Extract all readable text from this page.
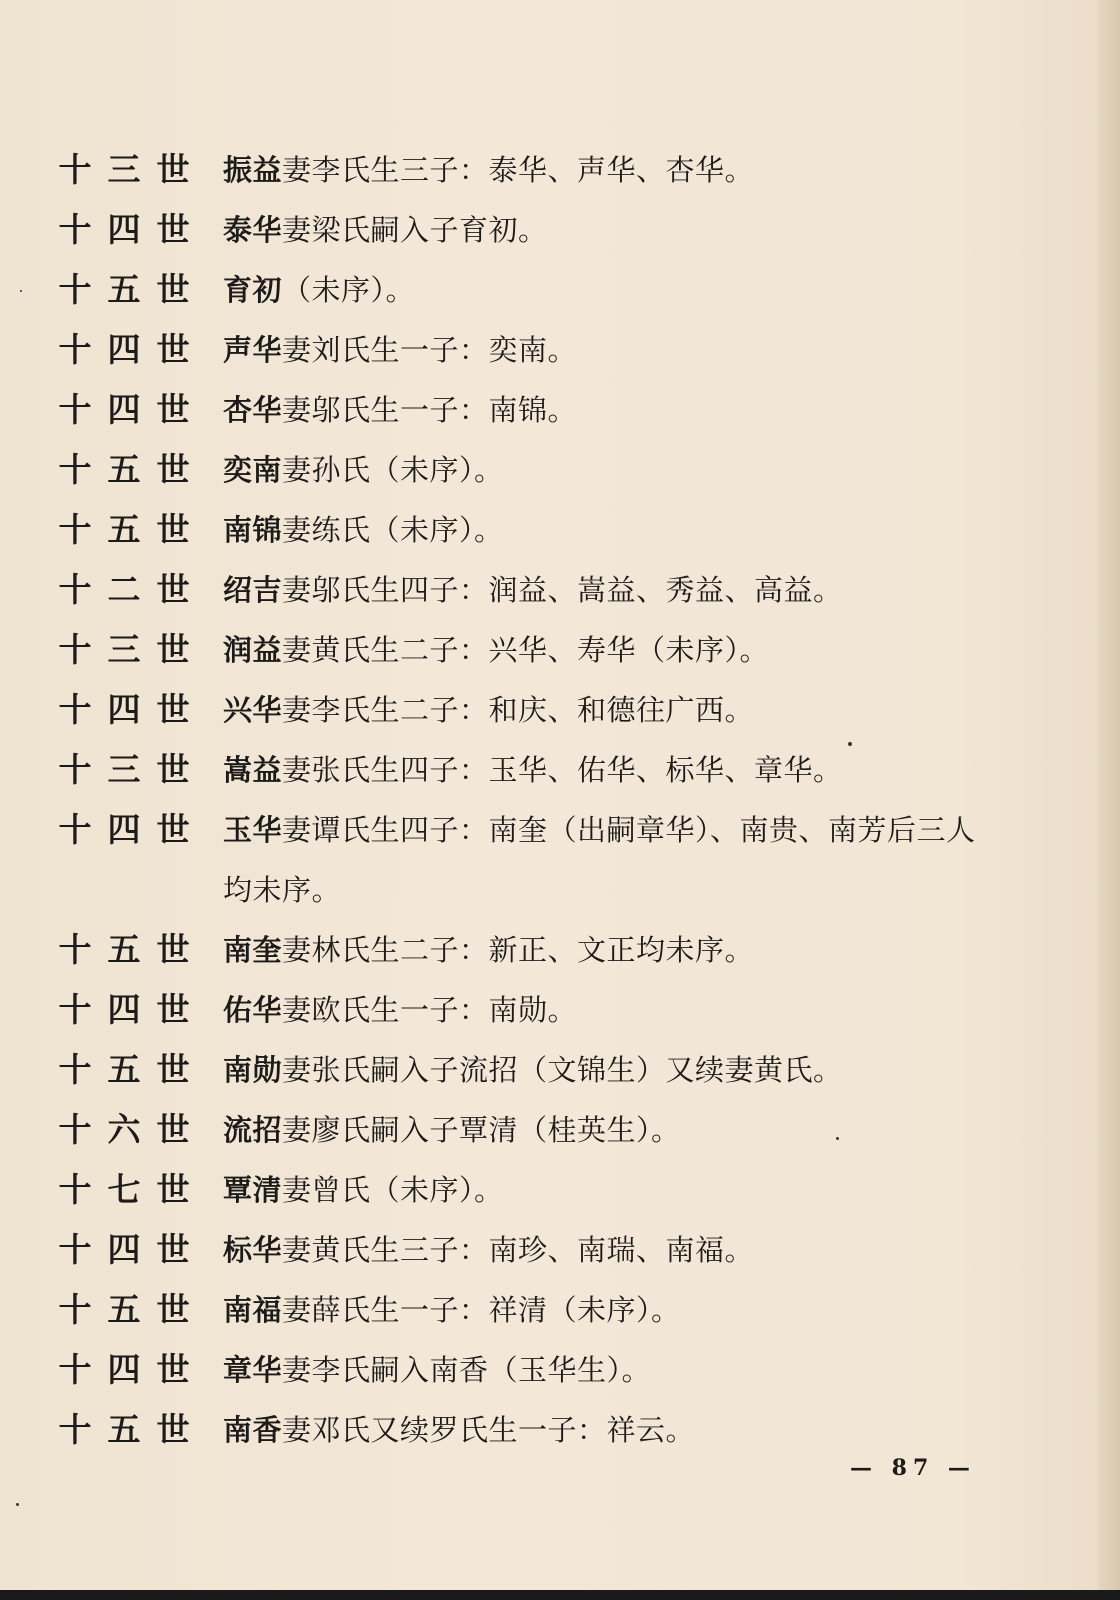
十 三 世 振益妻李氏生三子：泰华、声华、杏华。
十 四 世 泰华妻梁氏嗣入子育初。
十 五 世 育初（未序）。
十 四 世 声华妻刘氏生一子：奕南。
十 四 世 杏华妻邬氏生一子：南锦。
十 五 世 奕南妻孙氏（未序）。
十 五 世 南锦妻练氏（未序）。
十 二 世 绍吉妻邬氏生四子：润益、嵩益、秀益、高益。
十 三 世 润益妻黄氏生二子：兴华、寿华（未序）。
十 四 世 兴华妻李氏生二子：和庆、和德往广西。
十 三 世 嵩益妻张氏生四子：玉华、佑华、标华、章华。
十 四 世 玉华妻谭氏生四子：南奎（出嗣章华）、南贵、南芳后三人均未序。
十 五 世 南奎妻林氏生二子：新正、文正均未序。
十 四 世 佑华妻欧氏生一子：南勋。
十 五 世 南勋妻张氏嗣入子流招（文锦生）又续妻黄氏。
十 六 世 流招妻廖氏嗣入子覃清（桂英生）。
十 七 世 覃清妻曾氏（未序）。
十 四 世 标华妻黄氏生三子：南珍、南瑞、南福。
十 五 世 南福妻薛氏生一子：祥清（未序）。
十 四 世 章华妻李氏嗣入南香（玉华生）。
十 五 世 南香妻邓氏又续罗氏生一子：祥云。
— 87 —
